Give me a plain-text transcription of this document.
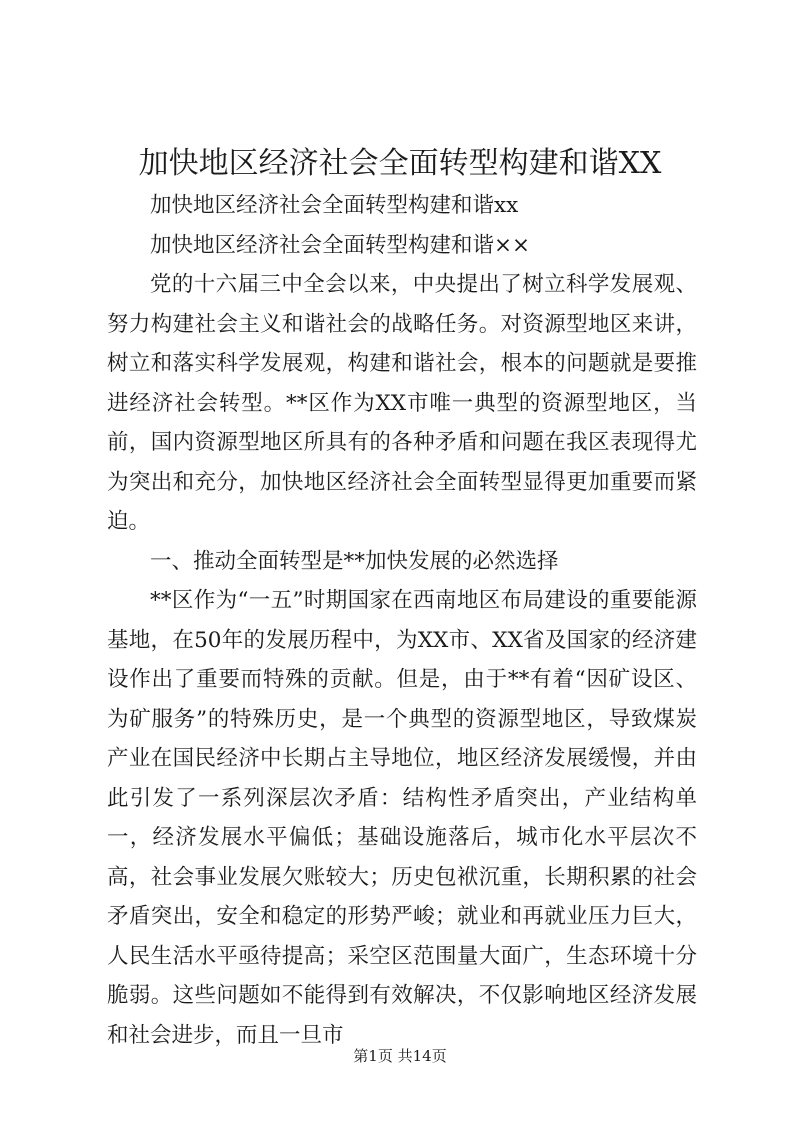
加快地区经济社会全面转型构建和谐XX

加快地区经济社会全面转型构建和谐xx

加快地区经济社会全面转型构建和谐××

党的十六届三中全会以来，中央提出了树立科学发展观、努力构建社会主义和谐社会的战略任务。对资源型地区来讲，树立和落实科学发展观，构建和谐社会，根本的问题就是要推进经济社会转型。**区作为XX市唯一典型的资源型地区，当前，国内资源型地区所具有的各种矛盾和问题在我区表现得尤为突出和充分，加快地区经济社会全面转型显得更加重要而紧迫。

一、推动全面转型是**加快发展的必然选择

**区作为“一五”时期国家在西南地区布局建设的重要能源基地，在50年的发展历程中，为XX市、XX省及国家的经济建设作出了重要而特殊的贡献。但是，由于**有着“因矿设区、为矿服务”的特殊历史，是一个典型的资源型地区，导致煤炭产业在国民经济中长期占主导地位，地区经济发展缓慢，并由此引发了一系列深层次矛盾：结构性矛盾突出，产业结构单一，经济发展水平偏低；基础设施落后，城市化水平层次不高，社会事业发展欠账较大；历史包袱沉重，长期积累的社会矛盾突出，安全和稳定的形势严峻；就业和再就业压力巨大，人民生活水平亟待提高；采空区范围量大面广，生态环境十分脆弱。这些问题如不能得到有效解决，不仅影响地区经济发展和社会进步，而且一旦市

第1页 共14页
